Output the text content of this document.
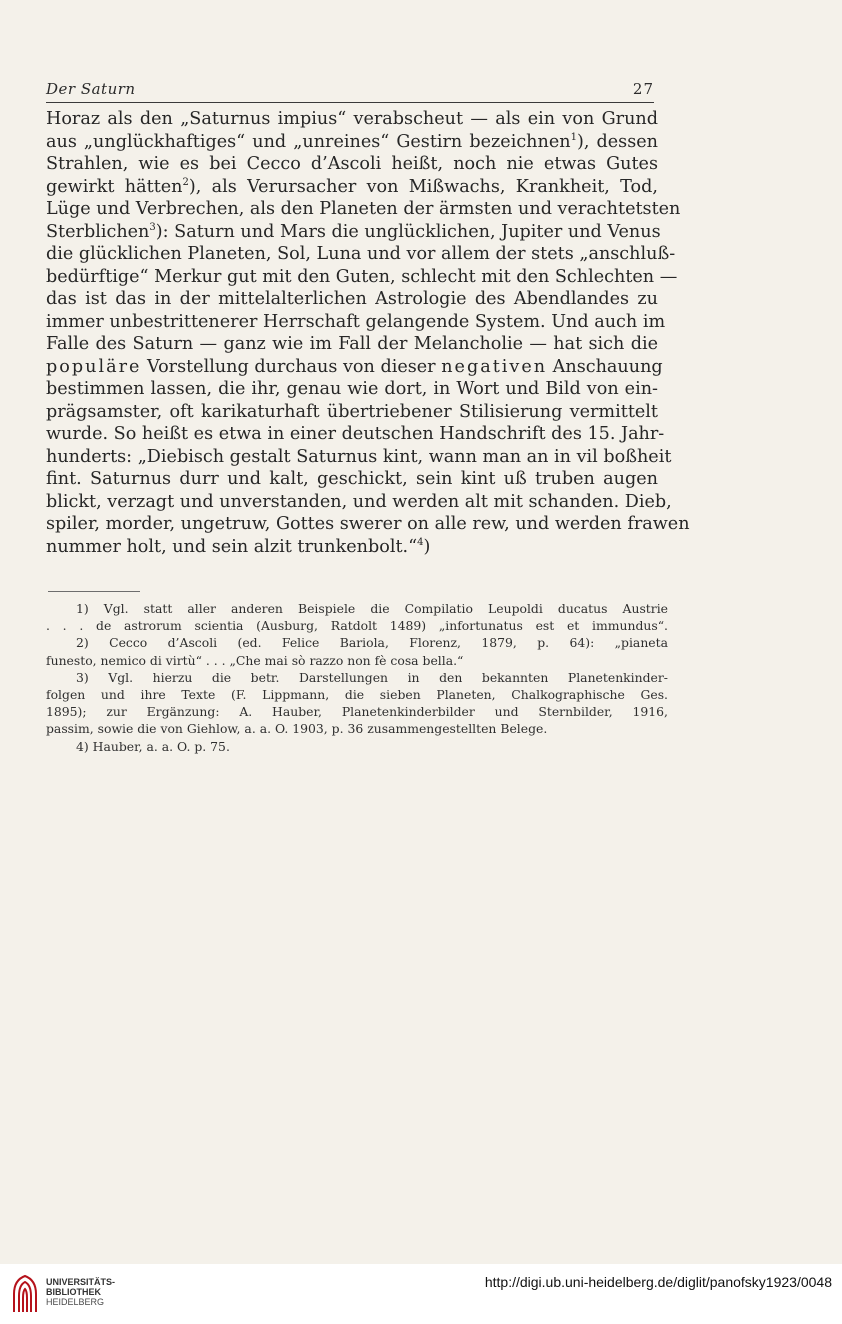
Der Saturn	27
Horaz als den „Saturnus impius“ verabscheut — als ein von Grund
aus „unglückhaftiges“ und „unreines“ Gestirn bezeichnen$^1$), dessen
Strahlen, wie es bei Cecco d’Ascoli heißt, noch nie etwas Gutes
gewirkt hätten$^2$), als Verursacher von Mißwachs, Krankheit, Tod,
Lüge und Verbrechen, als den Planeten der ärmsten und verachtetsten
Sterblichen$^3$): Saturn und Mars die unglücklichen, Jupiter und Venus
die glücklichen Planeten, Sol, Luna und vor allem der stets „anschluß-
bedürftige“ Merkur gut mit den Guten, schlecht mit den Schlechten —
das ist das in der mittelalterlichen Astrologie des Abendlandes zu
immer unbestrittenerer Herrschaft gelangende System. Und auch im
Falle des Saturn — ganz wie im Fall der Melancholie — hat sich die
populäre Vorstellung durchaus von dieser negativen Anschauung
bestimmen lassen, die ihr, genau wie dort, in Wort und Bild von ein-
prägsamster, oft karikaturhaft übertriebener Stilisierung vermittelt
wurde. So heißt es etwa in einer deutschen Handschrift des 15. Jahr-
hunderts: „Diebisch gestalt Saturnus kint, wann man an in vil boßheit
fint. Saturnus durr und kalt, geschickt, sein kint uß truben augen
blickt, verzagt und unverstanden, und werden alt mit schanden. Dieb,
spiler, morder, ungetruw, Gottes swerer on alle rew, und werden frawen
nummer holt, und sein alzit trunkenbolt.“$^4$)
1) Vgl. statt aller anderen Beispiele die Compilatio Leupoldi ducatus Austrie
. . . de astrorum scientia (Ausburg, Ratdolt 1489) „infortunatus est et immundus“.
2) Cecco d’Ascoli (ed. Felice Bariola, Florenz, 1879, p. 64): „pianeta
funesto, nemico di virtù“ . . . „Che mai sò razzo non fè cosa bella.“
3) Vgl. hierzu die betr. Darstellungen in den bekannten Planetenkinder-
folgen und ihre Texte (F. Lippmann, die sieben Planeten, Chalkographische Ges.
1895); zur Ergänzung: A. Hauber, Planetenkinderbilder und Sternbilder, 1916,
passim, sowie die von Giehlow, a. a. O. 1903, p. 36 zusammengestellten Belege.
4) Hauber, a. a. O. p. 75.
UNIVERSITÄTS-
BIBLIOTHEK
HEIDELBERG
http://digi.ub.uni-heidelberg.de/diglit/panofsky1923/0048
